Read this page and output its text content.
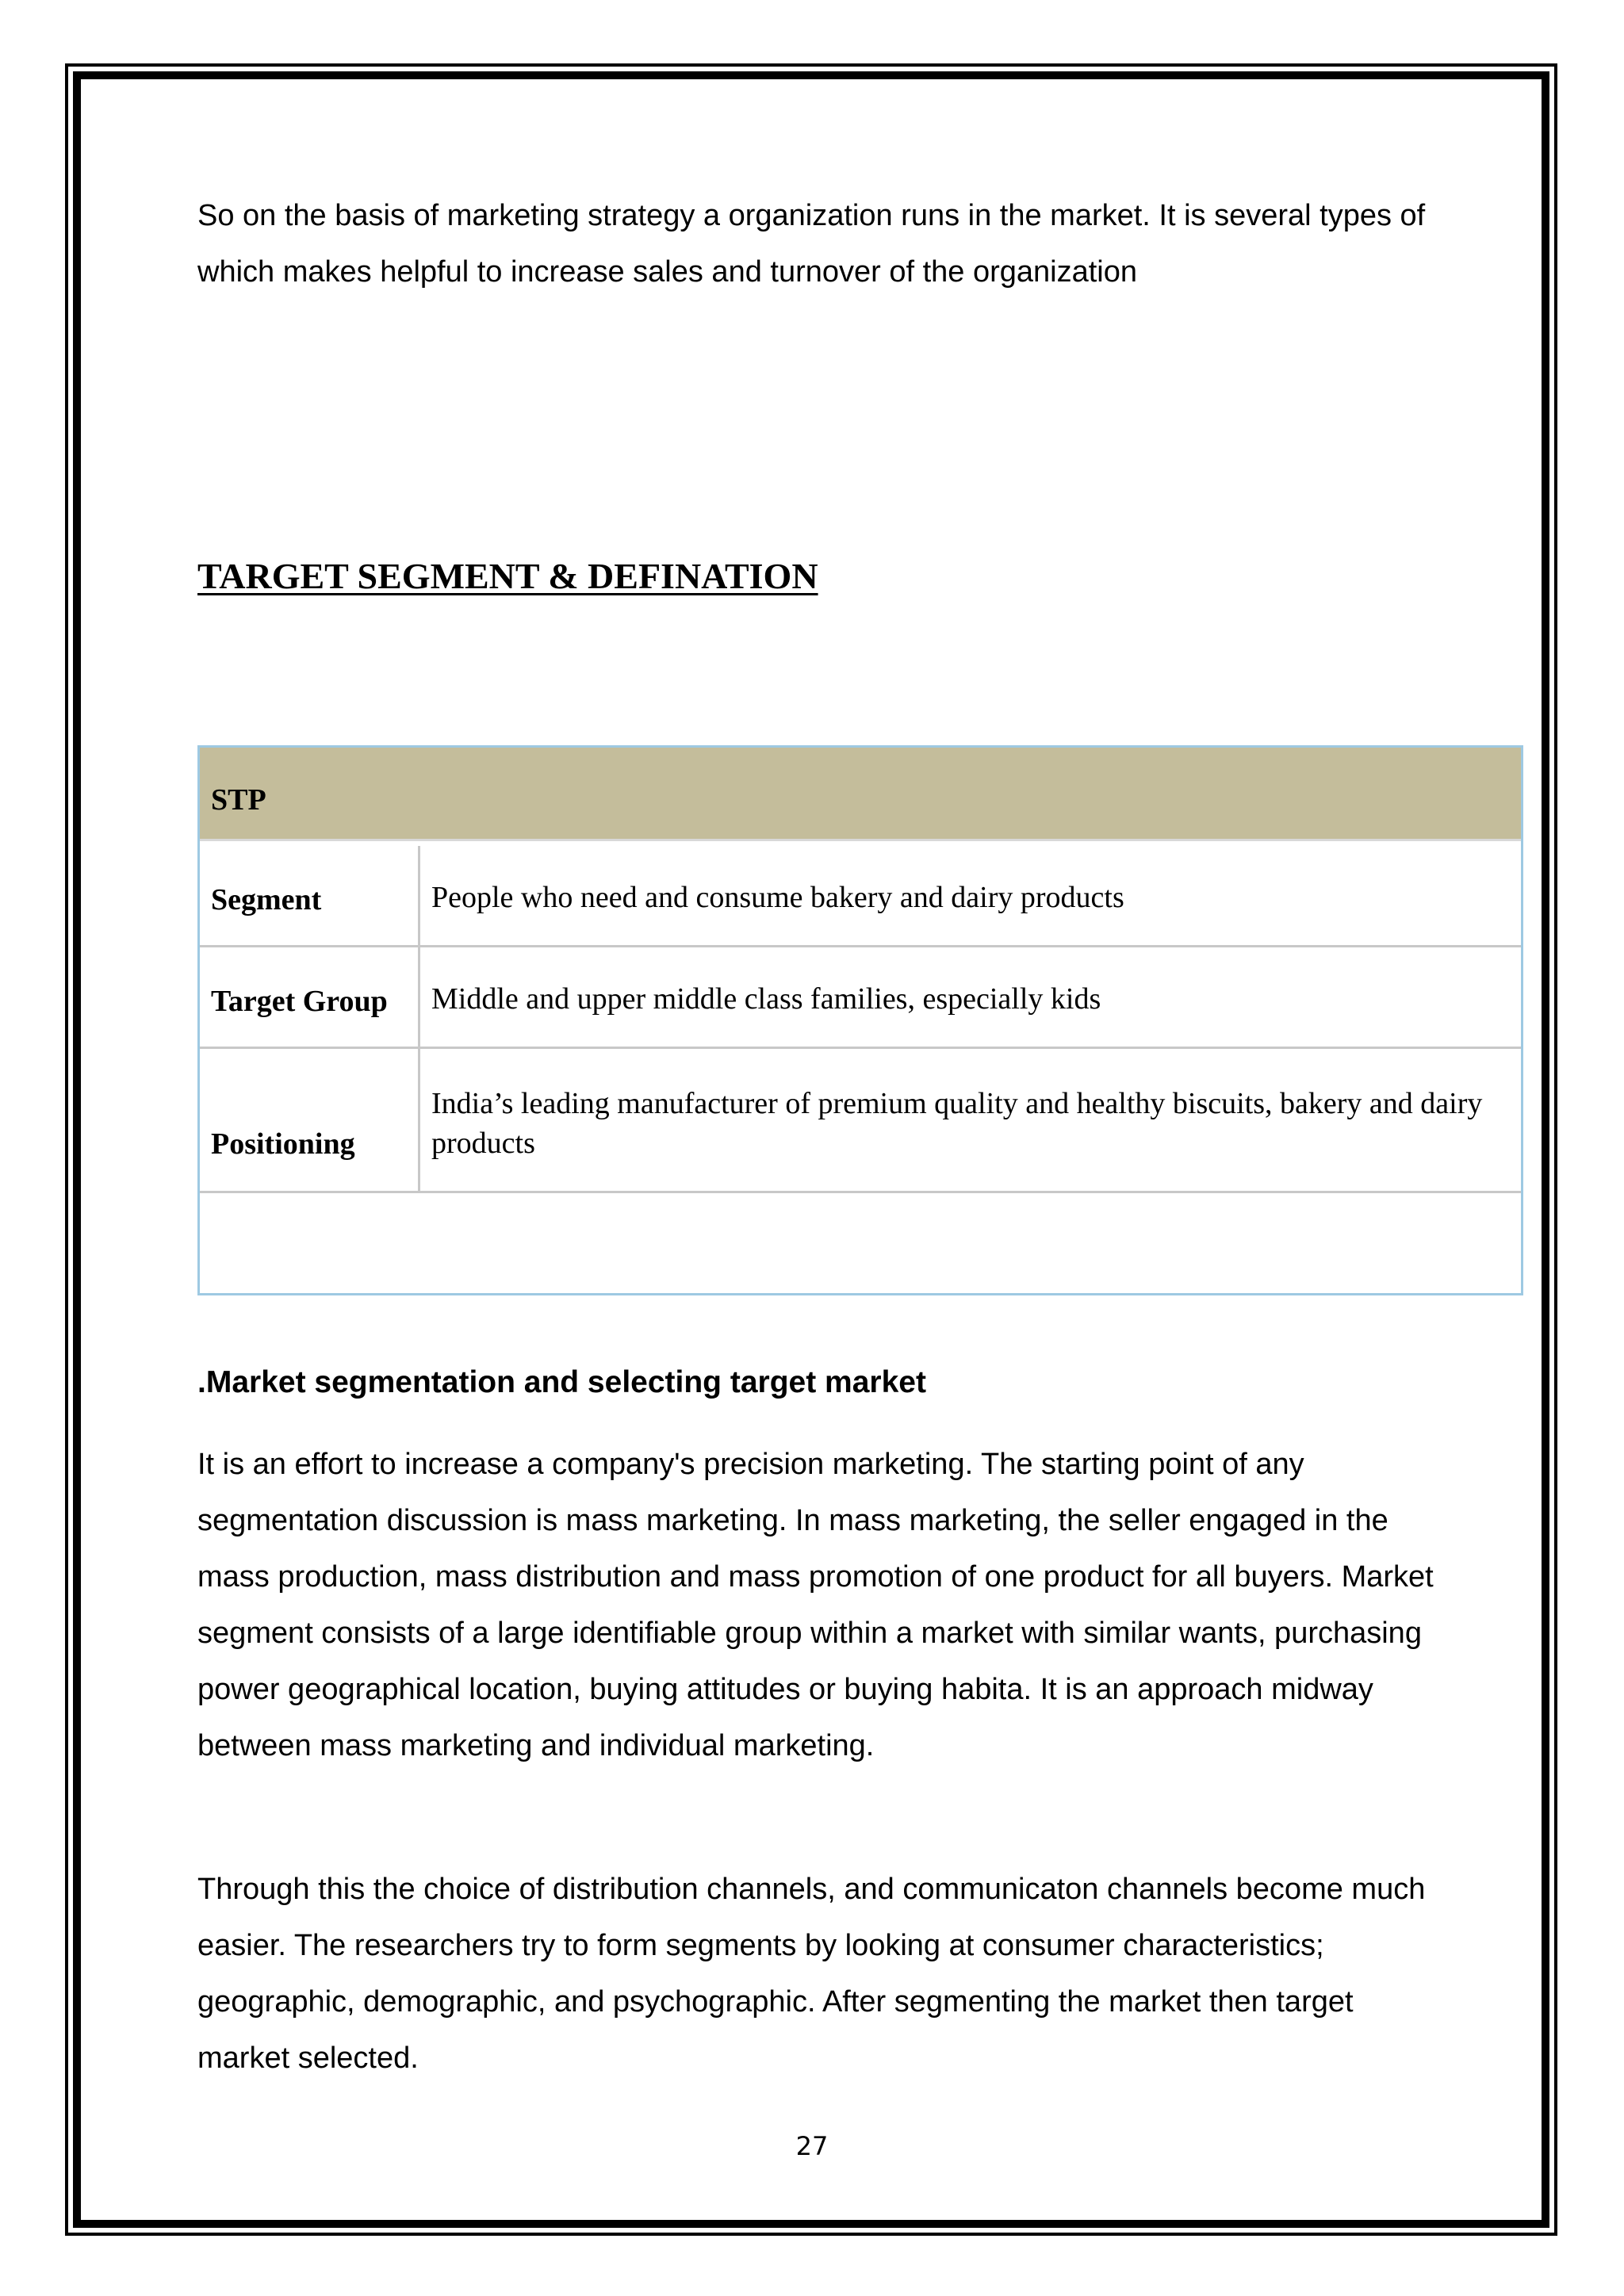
So on the basis of marketing strategy a organization runs in the market. It is several types of which makes helpful to increase sales and turnover of the organization

TARGET SEGMENT & DEFINATION
STP
Segment	People who need and consume bakery and dairy products
Target Group Middle and upper middle class families, especially kids
Positioning
India’s leading manufacturer of premium quality and healthy biscuits, bakery and dairy products
.Market segmentation and selecting target market

It is an effort to increase a company's precision marketing. The starting point of any segmentation discussion is mass marketing. In mass marketing, the seller engaged in the mass production, mass distribution and mass promotion of one product for all buyers. Market segment consists of a large identifiable group within a market with similar wants, purchasing power geographical location, buying attitudes or buying habita. It is an approach midway between mass marketing and individual marketing.

Through this the choice of distribution channels, and communicaton channels become much easier. The researchers try to form segments by looking at consumer characteristics; geographic, demographic, and psychographic. After segmenting the market then target market selected.

27
